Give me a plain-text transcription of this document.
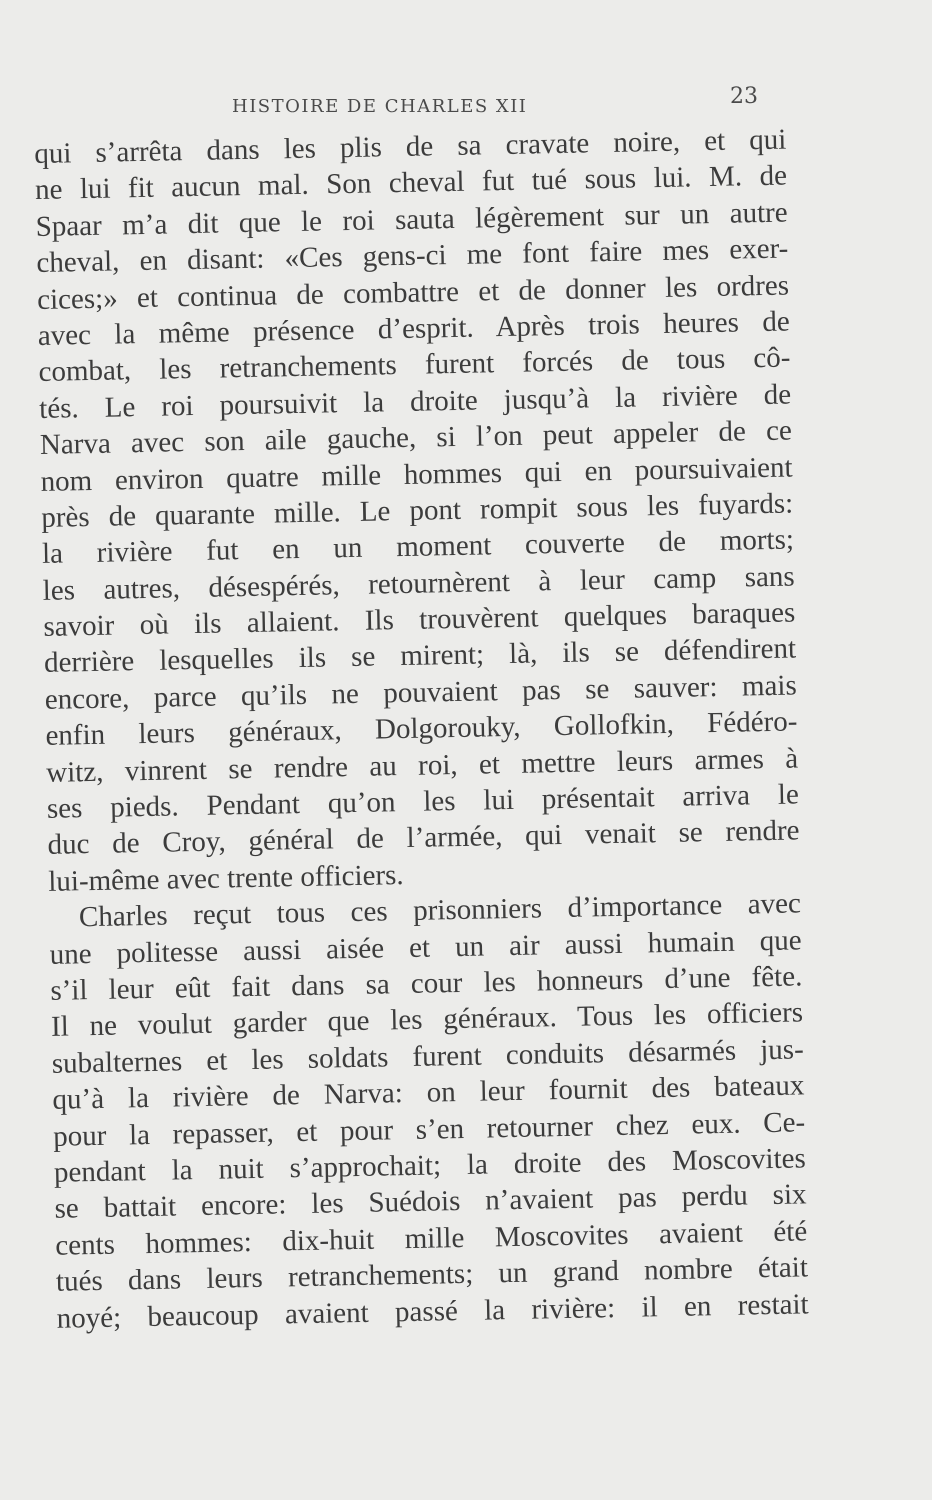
HISTOIRE DE CHARLES XII	23
qui s’arrêta dans les plis de sa cravate noire, et qui
ne lui fit aucun mal. Son cheval fut tué sous lui. M. de
Spaar m’a dit que le roi sauta légèrement sur un autre
cheval, en disant: «Ces gens-ci me font faire mes exer-
cices;» et continua de combattre et de donner les ordres
avec la même présence d’esprit. Après trois heures de
combat, les retranchements furent forcés de tous cô-
tés. Le roi poursuivit la droite jusqu’à la rivière de
Narva avec son aile gauche, si l’on peut appeler de ce
nom environ quatre mille hommes qui en poursuivaient
près de quarante mille. Le pont rompit sous les fuyards:
la rivière fut en un moment couverte de morts;
les autres, désespérés, retournèrent à leur camp sans
savoir où ils allaient. Ils trouvèrent quelques baraques
derrière lesquelles ils se mirent; là, ils se défendirent
encore, parce qu’ils ne pouvaient pas se sauver: mais
enfin leurs généraux, Dolgorouky, Gollofkin, Fédéro-
witz, vinrent se rendre au roi, et mettre leurs armes à
ses pieds. Pendant qu’on les lui présentait arriva le
duc de Croy, général de l’armée, qui venait se rendre
lui-même avec trente officiers.
Charles reçut tous ces prisonniers d’importance avec
une politesse aussi aisée et un air aussi humain que
s’il leur eût fait dans sa cour les honneurs d’une fête.
Il ne voulut garder que les généraux. Tous les officiers
subalternes et les soldats furent conduits désarmés jus-
qu’à la rivière de Narva: on leur fournit des bateaux
pour la repasser, et pour s’en retourner chez eux. Ce-
pendant la nuit s’approchait; la droite des Moscovites
se battait encore: les Suédois n’avaient pas perdu six
cents hommes: dix-huit mille Moscovites avaient été
tués dans leurs retranchements; un grand nombre était
noyé; beaucoup avaient passé la rivière: il en restait
